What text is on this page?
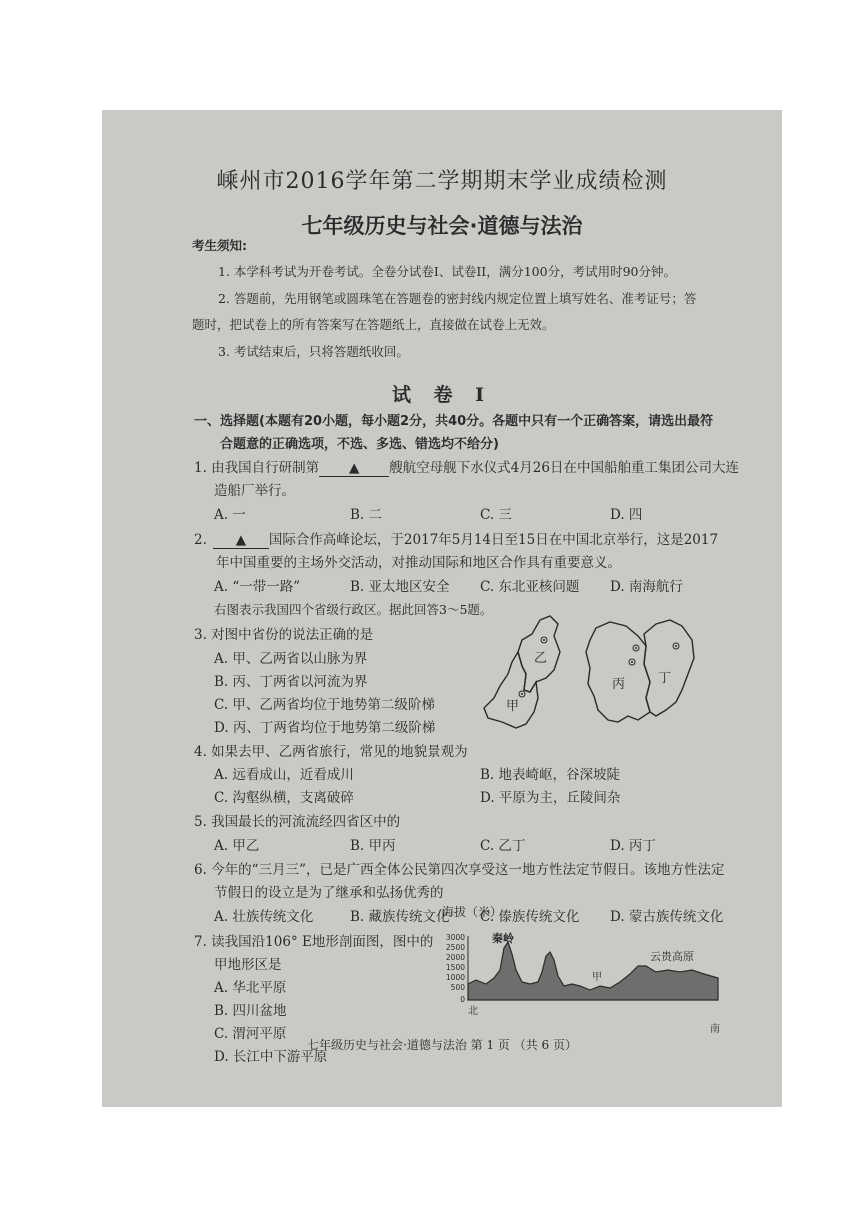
嵊州市2016学年第二学期期末学业成绩检测
七年级历史与社会·道德与法治
考生须知:
1. 本学科考试为开卷考试。全卷分试卷I、试卷II，满分100分，考试用时90分钟。
2. 答题前，先用钢笔或圆珠笔在答题卷的密封线内规定位置上填写姓名、准考证号；答
题时，把试卷上的所有答案写在答题纸上，直接做在试卷上无效。
3. 考试结束后，只将答题纸收回。
试 卷 I
一、选择题(本题有20小题，每小题2分，共40分。各题中只有一个正确答案，请选出最符
合题意的正确选项，不选、多选、错选均不给分)
1. 由我国自行研制第 ▲ 艘航空母舰下水仪式4月26日在中国船舶重工集团公司大连
造船厂举行。
A. 一	B. 二	C. 三	D. 四
2. ▲ 国际合作高峰论坛，于2017年5月14日至15日在中国北京举行，这是2017
年中国重要的主场外交活动，对推动国际和地区合作具有重要意义。
A. “一带一路”	B. 亚太地区安全 C. 东北亚核问题 D. 南海航行
右图表示我国四个省级行政区。据此回答3～5题。
3. 对图中省份的说法正确的是
A. 甲、乙两省以山脉为界
B. 丙、丁两省以河流为界
C. 甲、乙两省均位于地势第二级阶梯
D. 丙、丁两省均位于地势第二级阶梯
乙
甲
丙	丁
4. 如果去甲、乙两省旅行，常见的地貌景观为
A. 远看成山，近看成川	B. 地表崎岖，谷深坡陡
C. 沟壑纵横，支离破碎	D. 平原为主，丘陵间杂
5. 我国最长的河流流经四省区中的
A. 甲乙	B. 甲丙	C. 乙丁	D. 丙丁
6. 今年的“三月三”，已是广西全体公民第四次享受这一地方性法定节假日。该地方性法定
节假日的设立是为了继承和弘扬优秀的
A. 壮族传统文化	B. 藏族传统文化 C. 傣族传统文化 D. 蒙古族传统文化
7. 读我国沿106° E地形剖面图，图中的
甲地形区是
A. 华北平原
B. 四川盆地
C. 渭河平原
D. 长江中下游平原
海拔（米）
3000
2500
2000
1500
1000
500
0
秦岭
甲
云贵高原
北
南
七年级历史与社会·道德与法治 第 1 页 （共 6 页）
